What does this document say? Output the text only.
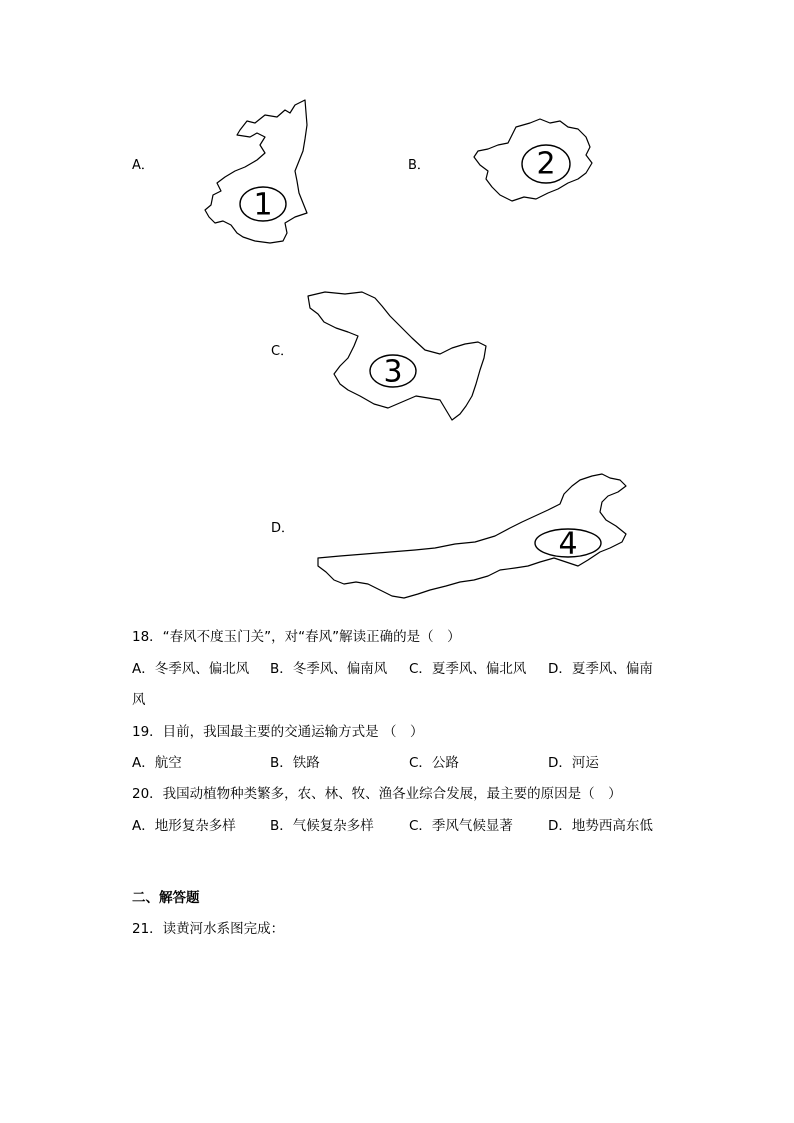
A．
1
B．	2
C．
3
D．	4
18．“春风不度玉门关”，对“春风”解读正确的是（　）
A．冬季风、偏北风 B．冬季风、偏南风 C．夏季风、偏北风 D．夏季风、偏南
风
19．目前，我国最主要的交通运输方式是 （　）
A．航空	B．铁路	C．公路	D．河运
20．我国动植物种类繁多，农、林、牧、渔各业综合发展，最主要的原因是（　）
A．地形复杂多样	B．气候复杂多样	C．季风气候显著	D．地势西高东低
二、解答题
21．读黄河水系图完成：
